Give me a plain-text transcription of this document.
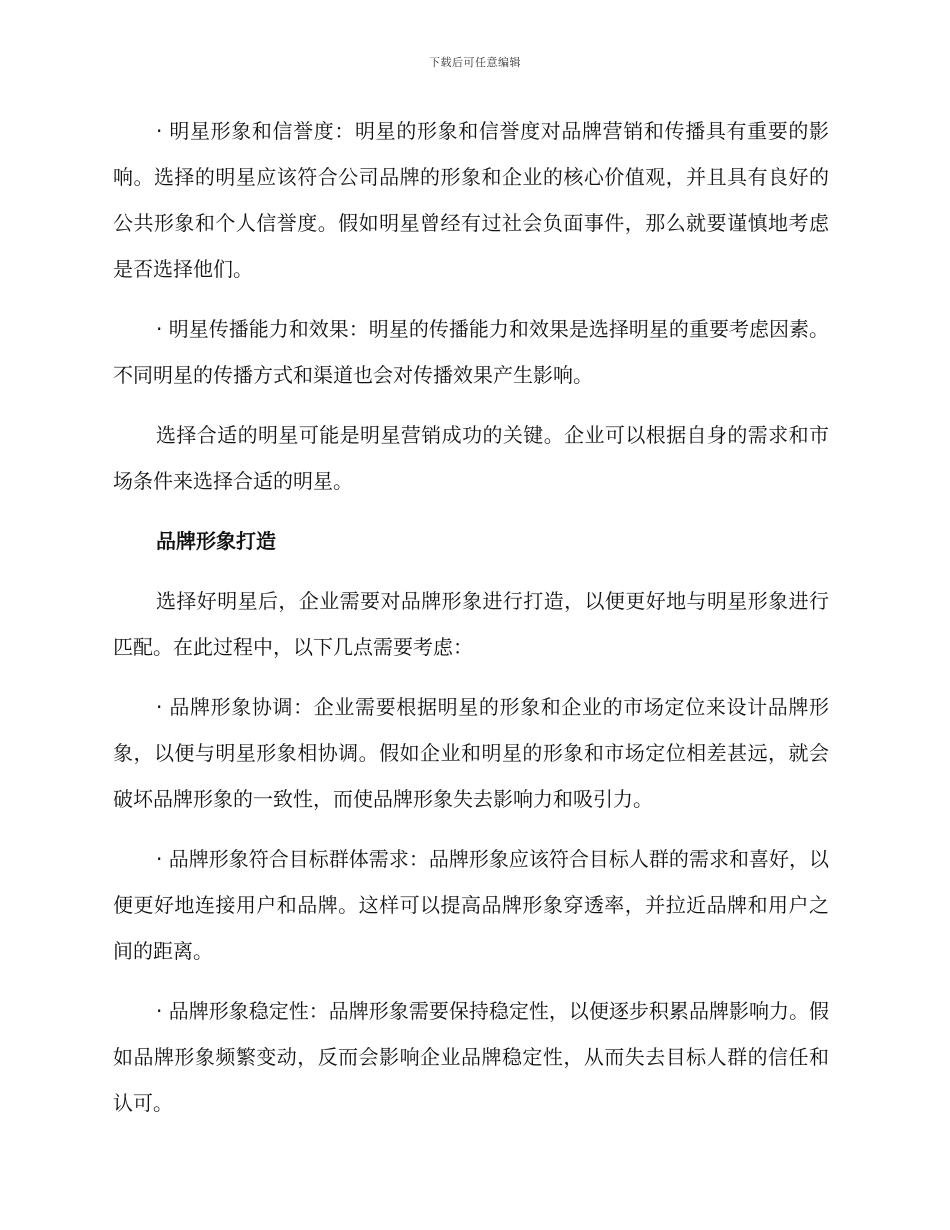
下载后可任意编辑

· 明星形象和信誉度：明星的形象和信誉度对品牌营销和传播具有重要的影响。选择的明星应该符合公司品牌的形象和企业的核心价值观，并且具有良好的公共形象和个人信誉度。假如明星曾经有过社会负面事件，那么就要谨慎地考虑是否选择他们。

· 明星传播能力和效果：明星的传播能力和效果是选择明星的重要考虑因素。不同明星的传播方式和渠道也会对传播效果产生影响。

选择合适的明星可能是明星营销成功的关键。企业可以根据自身的需求和市场条件来选择合适的明星。

品牌形象打造

选择好明星后，企业需要对品牌形象进行打造，以便更好地与明星形象进行匹配。在此过程中，以下几点需要考虑：

· 品牌形象协调：企业需要根据明星的形象和企业的市场定位来设计品牌形象，以便与明星形象相协调。假如企业和明星的形象和市场定位相差甚远，就会破坏品牌形象的一致性，而使品牌形象失去影响力和吸引力。

· 品牌形象符合目标群体需求：品牌形象应该符合目标人群的需求和喜好，以便更好地连接用户和品牌。这样可以提高品牌形象穿透率，并拉近品牌和用户之间的距离。

· 品牌形象稳定性：品牌形象需要保持稳定性，以便逐步积累品牌影响力。假如品牌形象频繁变动，反而会影响企业品牌稳定性，从而失去目标人群的信任和认可。
